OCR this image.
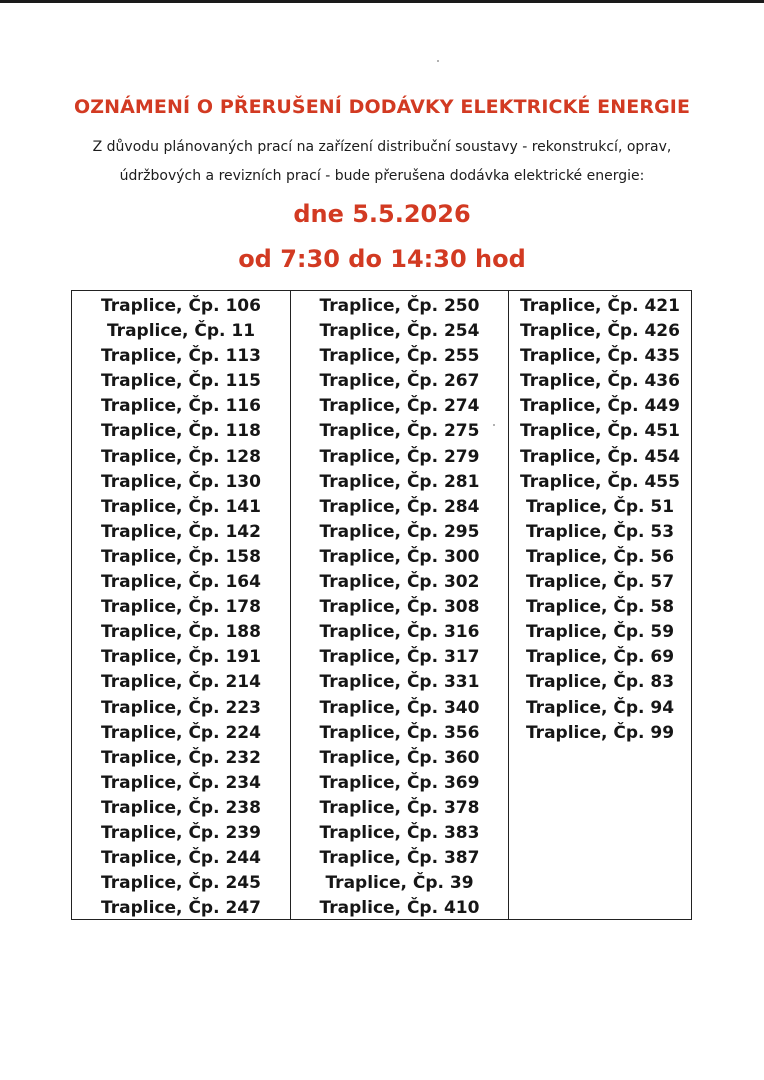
OZNÁMENÍ O PŘERUŠENÍ DODÁVKY ELEKTRICKÉ ENERGIE
Z důvodu plánovaných prací na zařízení distribuční soustavy - rekonstrukcí, oprav,
údržbových a revizních prací - bude přerušena dodávka elektrické energie:
dne 5.5.2026
od 7:30 do 14:30 hod
Traplice, Čp. 106
Traplice, Čp. 11
Traplice, Čp. 113
Traplice, Čp. 115
Traplice, Čp. 116
Traplice, Čp. 118
Traplice, Čp. 128
Traplice, Čp. 130
Traplice, Čp. 141
Traplice, Čp. 142
Traplice, Čp. 158
Traplice, Čp. 164
Traplice, Čp. 178
Traplice, Čp. 188
Traplice, Čp. 191
Traplice, Čp. 214
Traplice, Čp. 223
Traplice, Čp. 224
Traplice, Čp. 232
Traplice, Čp. 234
Traplice, Čp. 238
Traplice, Čp. 239
Traplice, Čp. 244
Traplice, Čp. 245
Traplice, Čp. 247
Traplice, Čp. 250
Traplice, Čp. 254
Traplice, Čp. 255
Traplice, Čp. 267
Traplice, Čp. 274
Traplice, Čp. 275
Traplice, Čp. 279
Traplice, Čp. 281
Traplice, Čp. 284
Traplice, Čp. 295
Traplice, Čp. 300
Traplice, Čp. 302
Traplice, Čp. 308
Traplice, Čp. 316
Traplice, Čp. 317
Traplice, Čp. 331
Traplice, Čp. 340
Traplice, Čp. 356
Traplice, Čp. 360
Traplice, Čp. 369
Traplice, Čp. 378
Traplice, Čp. 383
Traplice, Čp. 387
Traplice, Čp. 39
Traplice, Čp. 410
Traplice, Čp. 421
Traplice, Čp. 426
Traplice, Čp. 435
Traplice, Čp. 436
Traplice, Čp. 449
Traplice, Čp. 451
Traplice, Čp. 454
Traplice, Čp. 455
Traplice, Čp. 51
Traplice, Čp. 53
Traplice, Čp. 56
Traplice, Čp. 57
Traplice, Čp. 58
Traplice, Čp. 59
Traplice, Čp. 69
Traplice, Čp. 83
Traplice, Čp. 94
Traplice, Čp. 99
